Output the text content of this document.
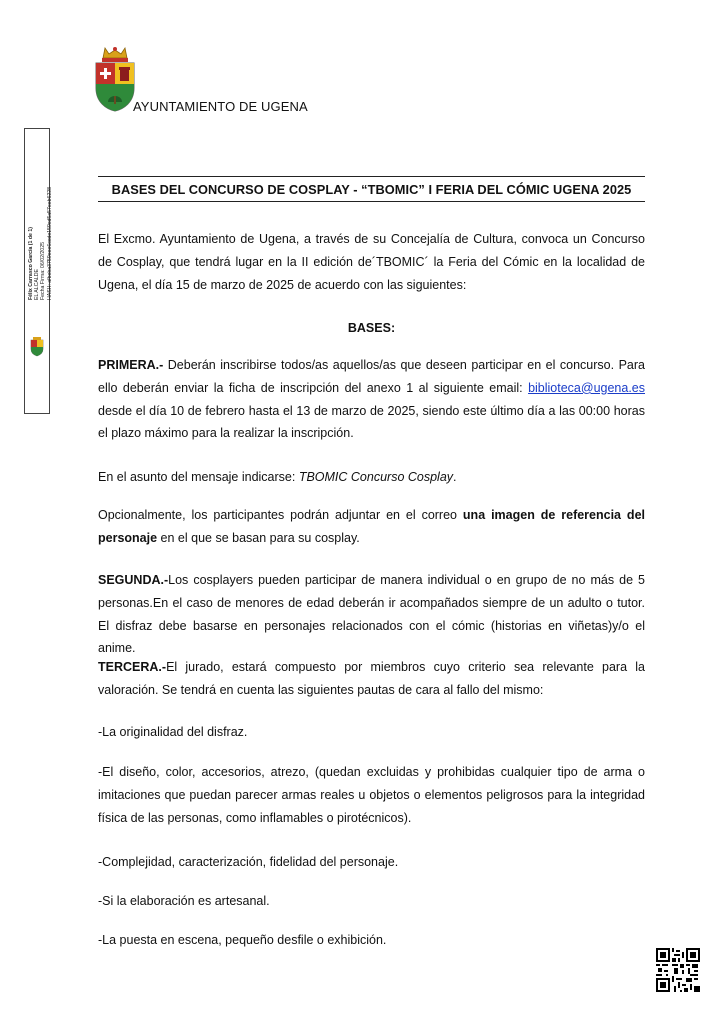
AYUNTAMIENTO DE UGENA
Félix Carrasco García (1 de 1) EL ALCALDE Fecha Firma: 06/02/2025 HASH: afbeba3759eee6ccde159cd5a57eeb6228	BASES DEL CONCURSO DE COSPLAY - “TBOMIC” I FERIA DEL CÓMIC UGENA 2025
El Excmo. Ayuntamiento de Ugena, a través de su Concejalía de Cultura, convoca un Concurso de Cosplay, que tendrá lugar en la II edición de´TBOMIC´ la Feria del Cómic en la localidad de Ugena, el día 15 de marzo de 2025 de acuerdo con las siguientes:
BASES:
PRIMERA.- Deberán inscribirse todos/as aquellos/as que deseen participar en el concurso. Para ello deberán enviar la ficha de inscripción del anexo 1 al siguiente email: biblioteca@ugena.es desde el día 10 de febrero hasta el 13 de marzo de 2025, siendo este último día a las 00:00 horas el plazo máximo para la realizar la inscripción.
En el asunto del mensaje indicarse: TBOMIC Concurso Cosplay.
Opcionalmente, los participantes podrán adjuntar en el correo una imagen de referencia del personaje en el que se basan para su cosplay.
SEGUNDA.-Los cosplayers pueden participar de manera individual o en grupo de no más de 5 personas.En el caso de menores de edad deberán ir acompañados siempre de un adulto o tutor. El disfraz debe basarse en personajes relacionados con el cómic (historias en viñetas)y/o el anime.
TERCERA.-El jurado, estará compuesto por miembros cuyo criterio sea relevante para la valoración. Se tendrá en cuenta las siguientes pautas de cara al fallo del mismo:
-La originalidad del disfraz.
-El diseño, color, accesorios, atrezo, (quedan excluidas y prohibidas cualquier tipo de arma o imitaciones que puedan parecer armas reales u objetos o elementos peligrosos para la integridad física de las personas, como inflamables o pirotécnicos).
-Complejidad, caracterización, fidelidad del personaje.
-Si la elaboración es artesanal.
-La puesta en escena, pequeño desfile o exhibición.
